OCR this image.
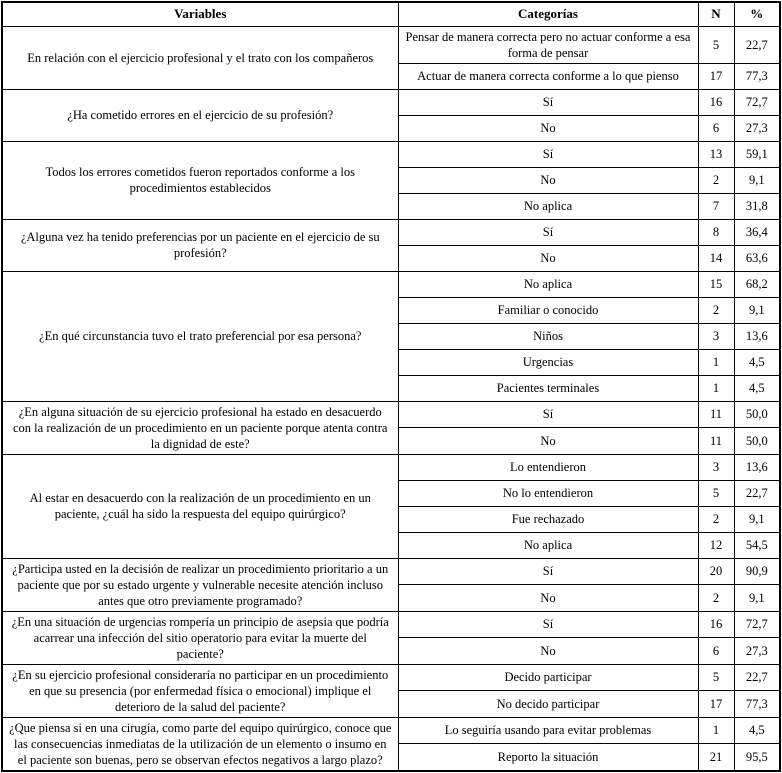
Variables	Categorías	N	%
En relación con el ejercicio profesional y el trato con los compañeros	Pensar de manera correcta pero no actuar conforme a esa forma de pensar	5	22,7
	Actuar de manera correcta conforme a lo que pienso	17	77,3
¿Ha cometido errores en el ejercicio de su profesión?	Sí	16	72,7
	No	6	27,3
Todos los errores cometidos fueron reportados conforme a los procedimientos establecidos	Sí	13	59,1
	No	2	9,1
	No aplica	7	31,8
¿Alguna vez ha tenido preferencias por un paciente en el ejercicio de su profesión?	Sí	8	36,4
	No	14	63,6
¿En qué circunstancia tuvo el trato preferencial por esa persona?	No aplica	15	68,2
	Familiar o conocido	2	9,1
	Niños	3	13,6
	Urgencias	1	4,5
	Pacientes terminales	1	4,5
¿En alguna situación de su ejercicio profesional ha estado en desacuerdo con la realización de un procedimiento en un paciente porque atenta contra la dignidad de este?	Sí	11	50,0
	No	11	50,0
Al estar en desacuerdo con la realización de un procedimiento en un paciente, ¿cuál ha sido la respuesta del equipo quirúrgico?	Lo entendieron	3	13,6
	No lo entendieron	5	22,7
	Fue rechazado	2	9,1
	No aplica	12	54,5
¿Participa usted en la decisión de realizar un procedimiento prioritario a un paciente que por su estado urgente y vulnerable necesite atención incluso antes que otro previamente programado?	Sí	20	90,9
	No	2	9,1
¿En una situación de urgencias rompería un principio de asepsia que podría acarrear una infección del sitio operatorio para evitar la muerte del paciente?	Sí	16	72,7
	No	6	27,3
¿En su ejercicio profesional consideraría no participar en un procedimiento en que su presencia (por enfermedad física o emocional) implique el deterioro de la salud del paciente?	Decido participar	5	22,7
	No decido participar	17	77,3
¿Que piensa si en una cirugía, como parte del equipo quirúrgico, conoce que las consecuencias inmediatas de la utilización de un elemento o insumo en el paciente son buenas, pero se observan efectos negativos a largo plazo?	Lo seguiría usando para evitar problemas	1	4,5
	Reporto la situación	21	95,5
